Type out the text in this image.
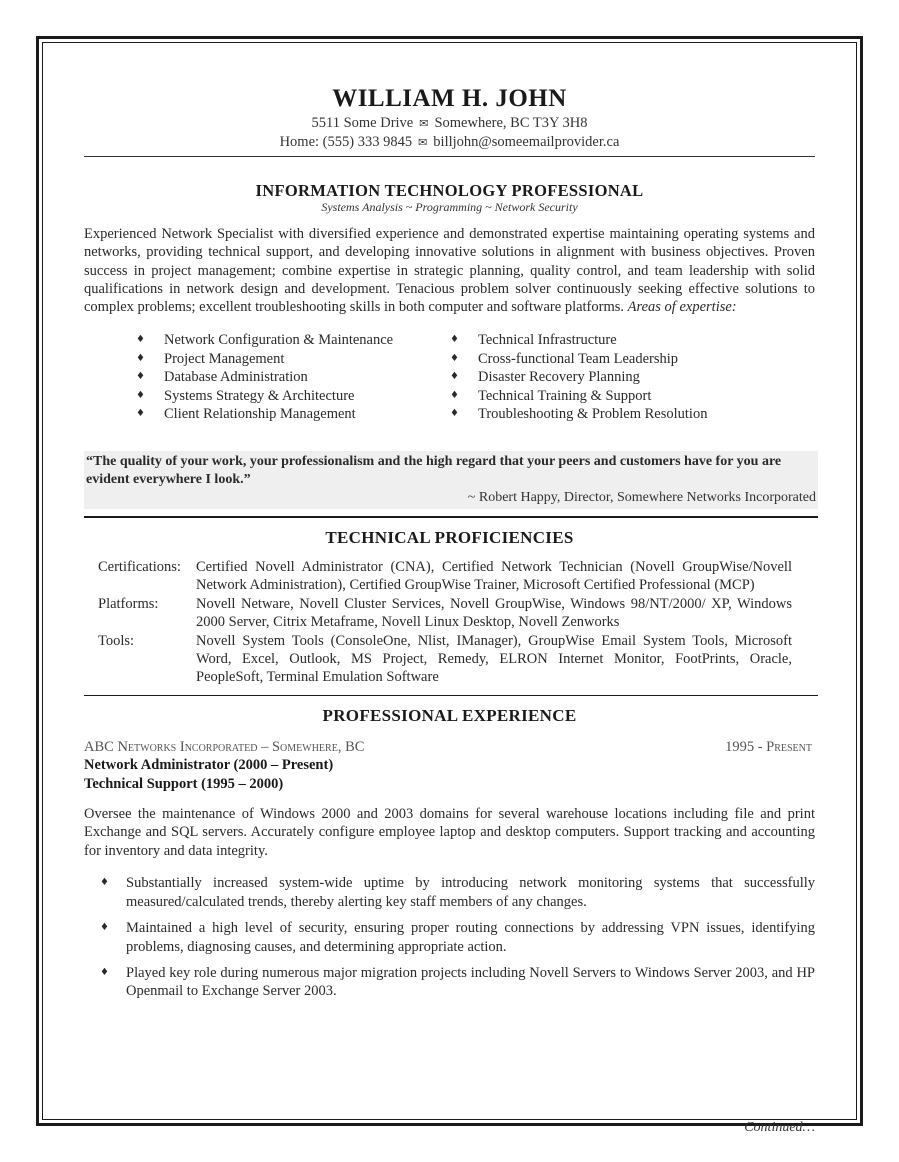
WILLIAM H. JOHN
5511 Some Drive ✉ Somewhere, BC T3Y 3H8
Home: (555) 333 9845 ✉ billjohn@someemailprovider.ca
INFORMATION TECHNOLOGY PROFESSIONAL
Systems Analysis ~ Programming ~ Network Security

Experienced Network Specialist with diversified experience and demonstrated expertise maintaining operating systems and networks, providing technical support, and developing innovative solutions in alignment with business objectives. Proven success in project management; combine expertise in strategic planning, quality control, and team leadership with solid qualifications in network design and development. Tenacious problem solver continuously seeking effective solutions to complex problems; excellent troubleshooting skills in both computer and software platforms. Areas of expertise:

♦ Network Configuration & Maintenance
♦ Project Management
♦ Database Administration
♦ Systems Strategy & Architecture
♦ Client Relationship Management
♦ Technical Infrastructure
♦ Cross-functional Team Leadership
♦ Disaster Recovery Planning
♦ Technical Training & Support
♦ Troubleshooting & Problem Resolution
“The quality of your work, your professionalism and the high regard that your peers and customers have for you are evident everywhere I look.”
~ Robert Happy, Director, Somewhere Networks Incorporated
TECHNICAL PROFICIENCIES
Certifications:	Certified Novell Administrator (CNA), Certified Network Technician (Novell GroupWise/Novell Network Administration), Certified GroupWise Trainer, Microsoft Certified Professional (MCP)
Platforms:	Novell Netware, Novell Cluster Services, Novell GroupWise, Windows 98/NT/2000/ XP, Windows 2000 Server, Citrix Metaframe, Novell Linux Desktop, Novell Zenworks
Tools:	Novell System Tools (ConsoleOne, Nlist, IManager), GroupWise Email System Tools, Microsoft Word, Excel, Outlook, MS Project, Remedy, ELRON Internet Monitor, FootPrints, Oracle, PeopleSoft, Terminal Emulation Software
PROFESSIONAL EXPERIENCE
ABC Networks Incorporated – Somewhere, BC	1995 - Present
Network Administrator (2000 – Present)
Technical Support (1995 – 2000)

Oversee the maintenance of Windows 2000 and 2003 domains for several warehouse locations including file and print Exchange and SQL servers. Accurately configure employee laptop and desktop computers. Support tracking and accounting for inventory and data integrity.

♦ Substantially increased system-wide uptime by introducing network monitoring systems that successfully measured/calculated trends, thereby alerting key staff members of any changes.
♦ Maintained a high level of security, ensuring proper routing connections by addressing VPN issues, identifying problems, diagnosing causes, and determining appropriate action.
♦ Played key role during numerous major migration projects including Novell Servers to Windows Server 2003, and HP Openmail to Exchange Server 2003.
Continued…
